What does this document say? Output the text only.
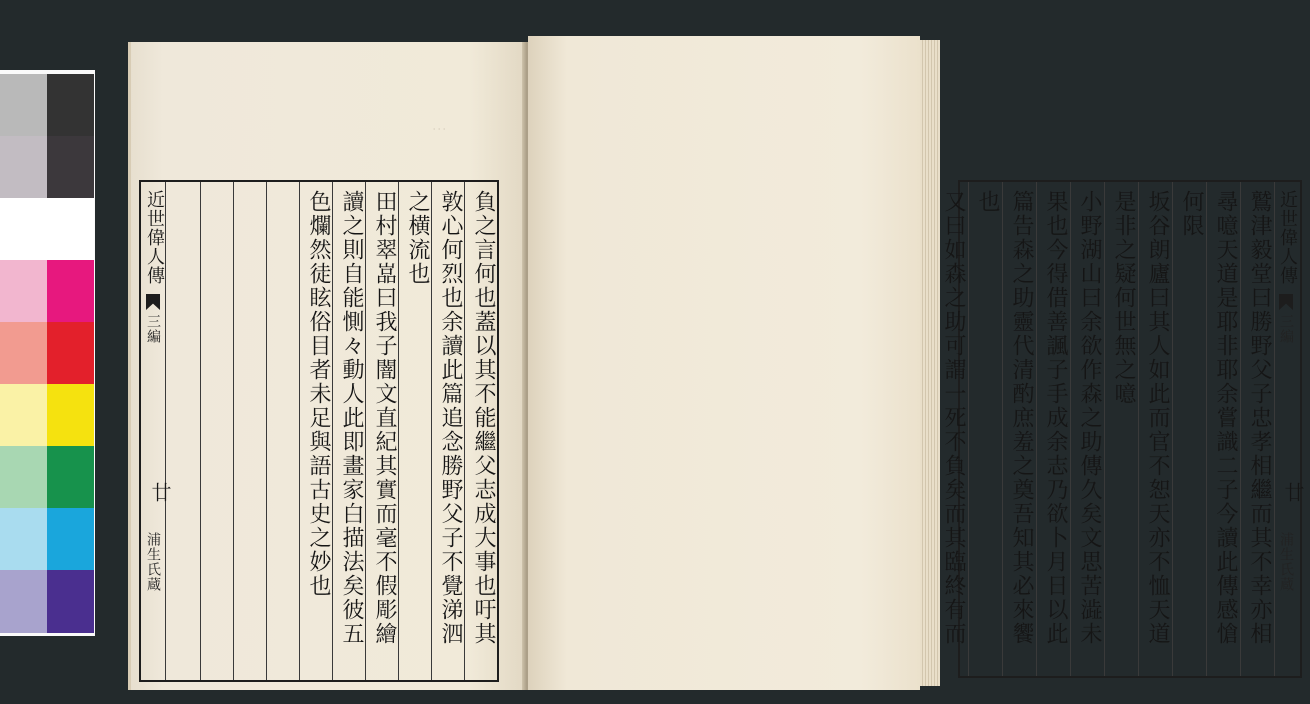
⋮
近世偉人傳
三編
廿
浦生氏蔵	負之言何也蓋以其不能繼父志成大事也吁其
敦心何烈也余讀此篇追念勝野父子不覺涕泗
之横流也
田村翠嵓曰我子闇文直紀其實而毫不假彫繪
讀之則自能惻々動人此即畫家白描法矣彼五
色爛然徒眩俗目者未足與語古史之妙也	近世偉人傳
三編
廿
浦生氏蔵
鷲津毅堂曰勝野父子忠孝相繼而其不幸亦相
尋噫天道是耶非耶余嘗識二子今讀此傳感愴
何限
坂谷朗廬曰其人如此而官不恕天亦不恤天道
是非之疑何世無之噫
小野湖山曰余欲作森之助傳久矣文思苦澁未
果也今得借善諷子手成余志乃欲卜月日以此
篇告森之助靈代清酌庶羞之奠吾知其必來饗
也
又曰如森之助可謂一死不負矣而其臨終有而
